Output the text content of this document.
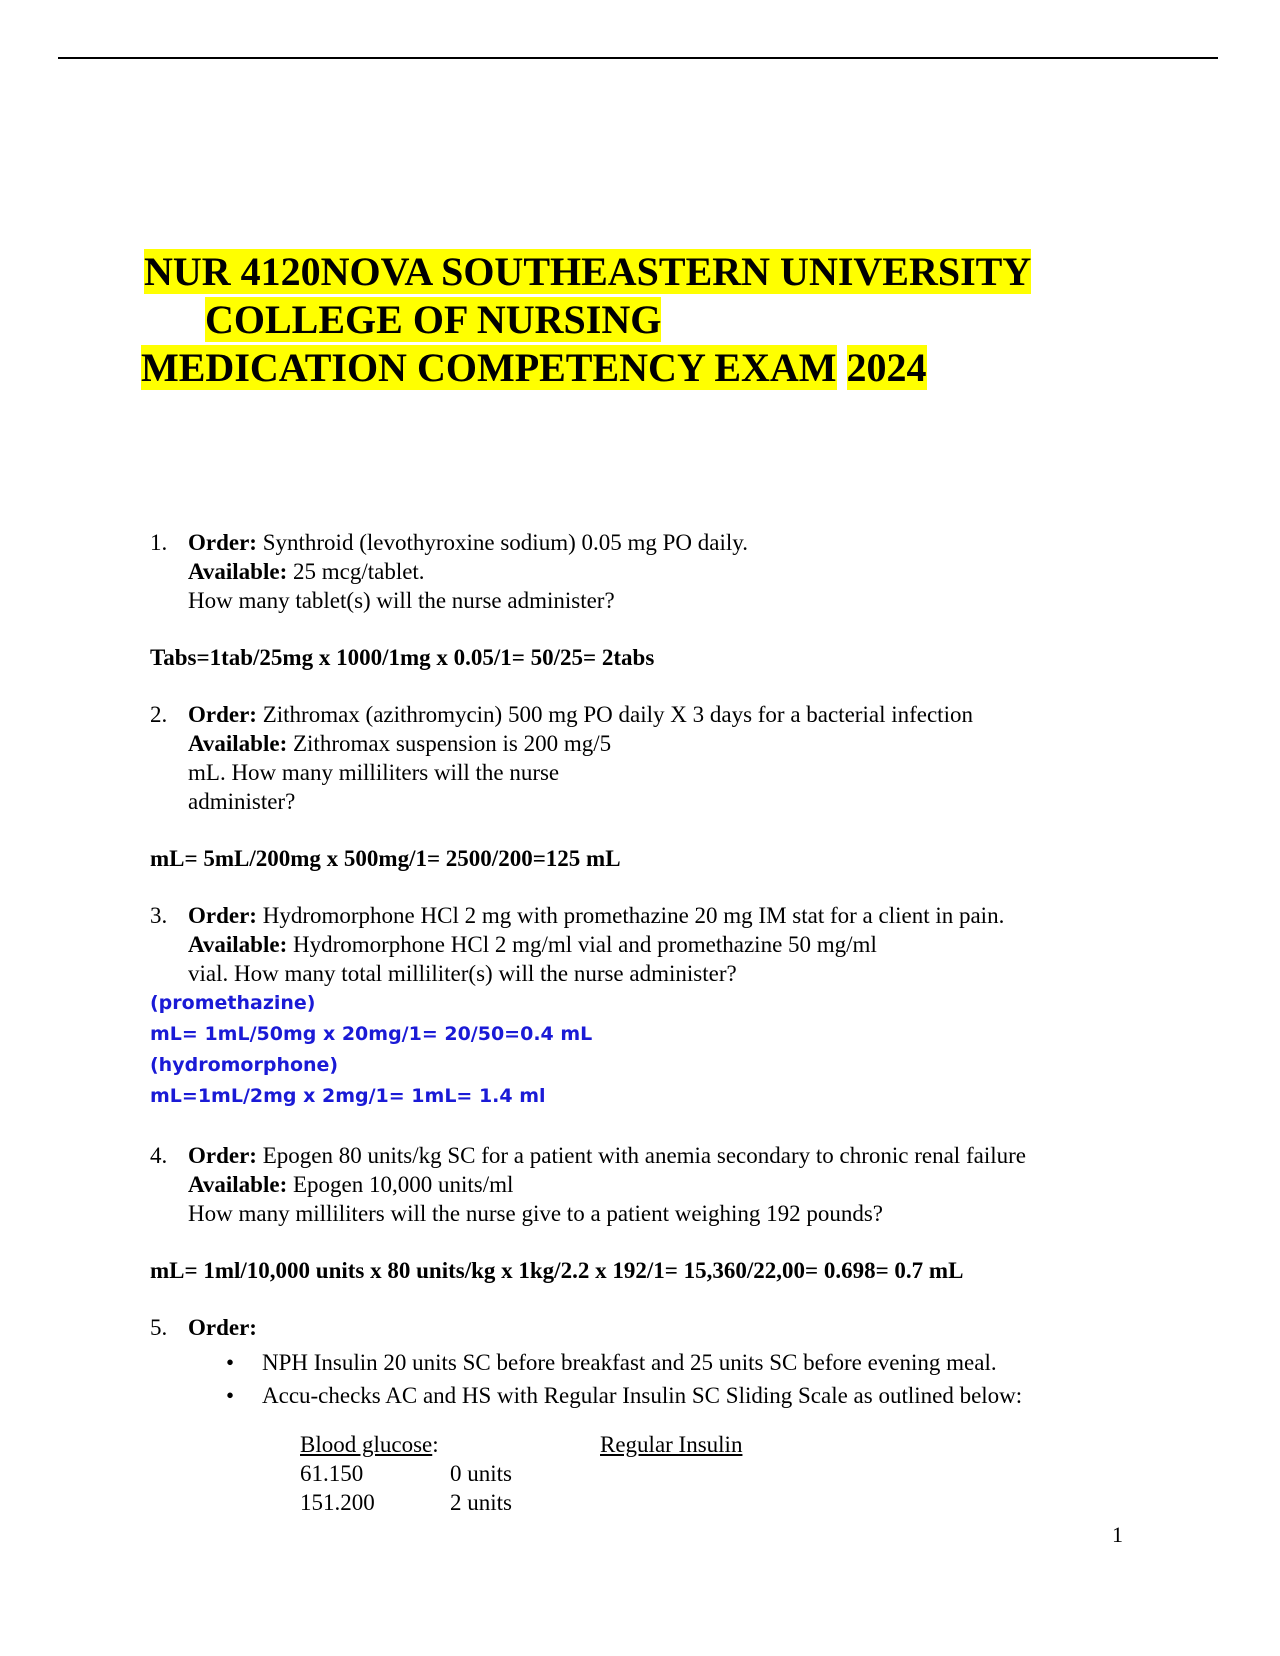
NUR 4120NOVA SOUTHEASTERN UNIVERSITY
COLLEGE OF NURSING
MEDICATION COMPETENCY EXAM 2024
1. Order: Synthroid (levothyroxine sodium) 0.05 mg PO daily.
Available: 25 mcg/tablet.
How many tablet(s) will the nurse administer?
Tabs=1tab/25mg x 1000/1mg x 0.05/1= 50/25= 2tabs
2. Order: Zithromax (azithromycin) 500 mg PO daily X 3 days for a bacterial infection
Available: Zithromax suspension is 200 mg/5
mL. How many milliliters will the nurse
administer?
mL= 5mL/200mg x 500mg/1= 2500/200=125 mL
3. Order: Hydromorphone HCl 2 mg with promethazine 20 mg IM stat for a client in pain.
Available: Hydromorphone HCl 2 mg/ml vial and promethazine 50 mg/ml
vial. How many total milliliter(s) will the nurse administer?
(promethazine)
mL= 1mL/50mg x 20mg/1= 20/50=0.4 mL
(hydromorphone)
mL=1mL/2mg x 2mg/1= 1mL= 1.4 ml
4. Order: Epogen 80 units/kg SC for a patient with anemia secondary to chronic renal failure
Available: Epogen 10,000 units/ml
How many milliliters will the nurse give to a patient weighing 192 pounds?
mL= 1ml/10,000 units x 80 units/kg x 1kg/2.2 x 192/1= 15,360/22,00= 0.698= 0.7 mL
5. Order:
• NPH Insulin 20 units SC before breakfast and 25 units SC before evening meal.
• Accu-checks AC and HS with Regular Insulin SC Sliding Scale as outlined below:
Blood glucose:	Regular Insulin
61.150	0 units
151.200	2 units
1
